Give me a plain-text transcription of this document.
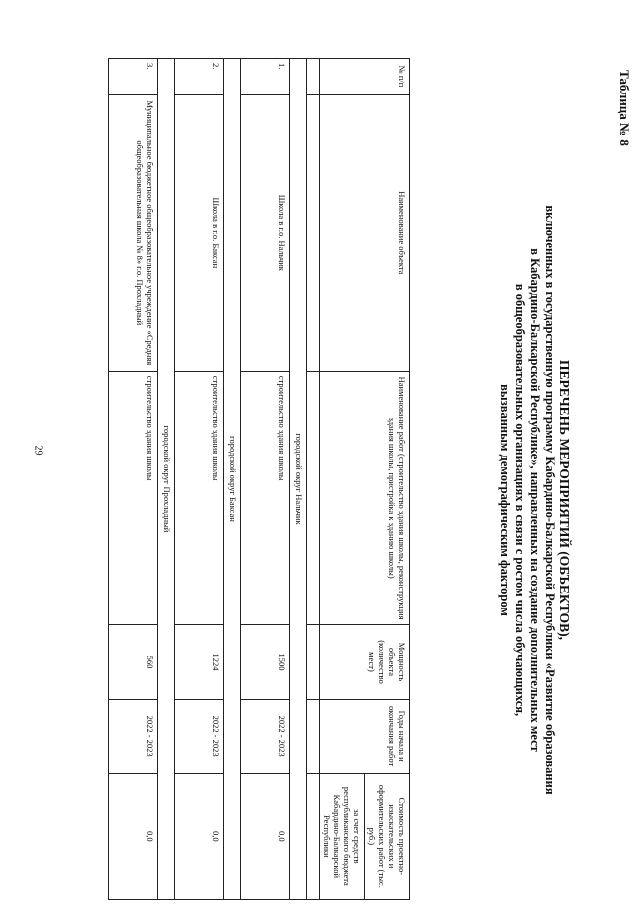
29
Таблица № 8
ПЕРЕЧЕНЬ МЕРОПРИЯТИЙ (ОБЪЕКТОВ),
включенных в государственную программу Кабардино-Балкарской Республики «Развитие образования
в Кабардино-Балкарской Республике», направленных на создание дополнительных мест
в общеобразовательных организациях в связи с ростом числа обучающихся,
вызванным демографическим фактором
№ п/п	Наименование объекта	Наименование работ (строительство здания школы, реконструкция здания школы, пристройка к зданию школы)	Мощность объекта (количество мест)	Годы начала и окончания работ	Стоимость проектно-изыскательских и оформительских работ (тыс. руб.)
					за счет средств республиканского бюджета Кабардино-Балкарской Республики

городской округ Нальчик					
1.	Школа в г.о. Нальчик	строительство здания школы	1500	2022 - 2023	0,0
городской округ Баксан					
2.	Школа в г.о. Баксан	строительство здания школы	1224	2022 - 2023	0,0
городской округ Прохладный					
3.	Муниципальное бюджетное общеобразовательное учреждение «Средняя общеобразовательная школа № 8» г.о. Прохладный	строительство здания школы	560	2022 - 2023	0,0
